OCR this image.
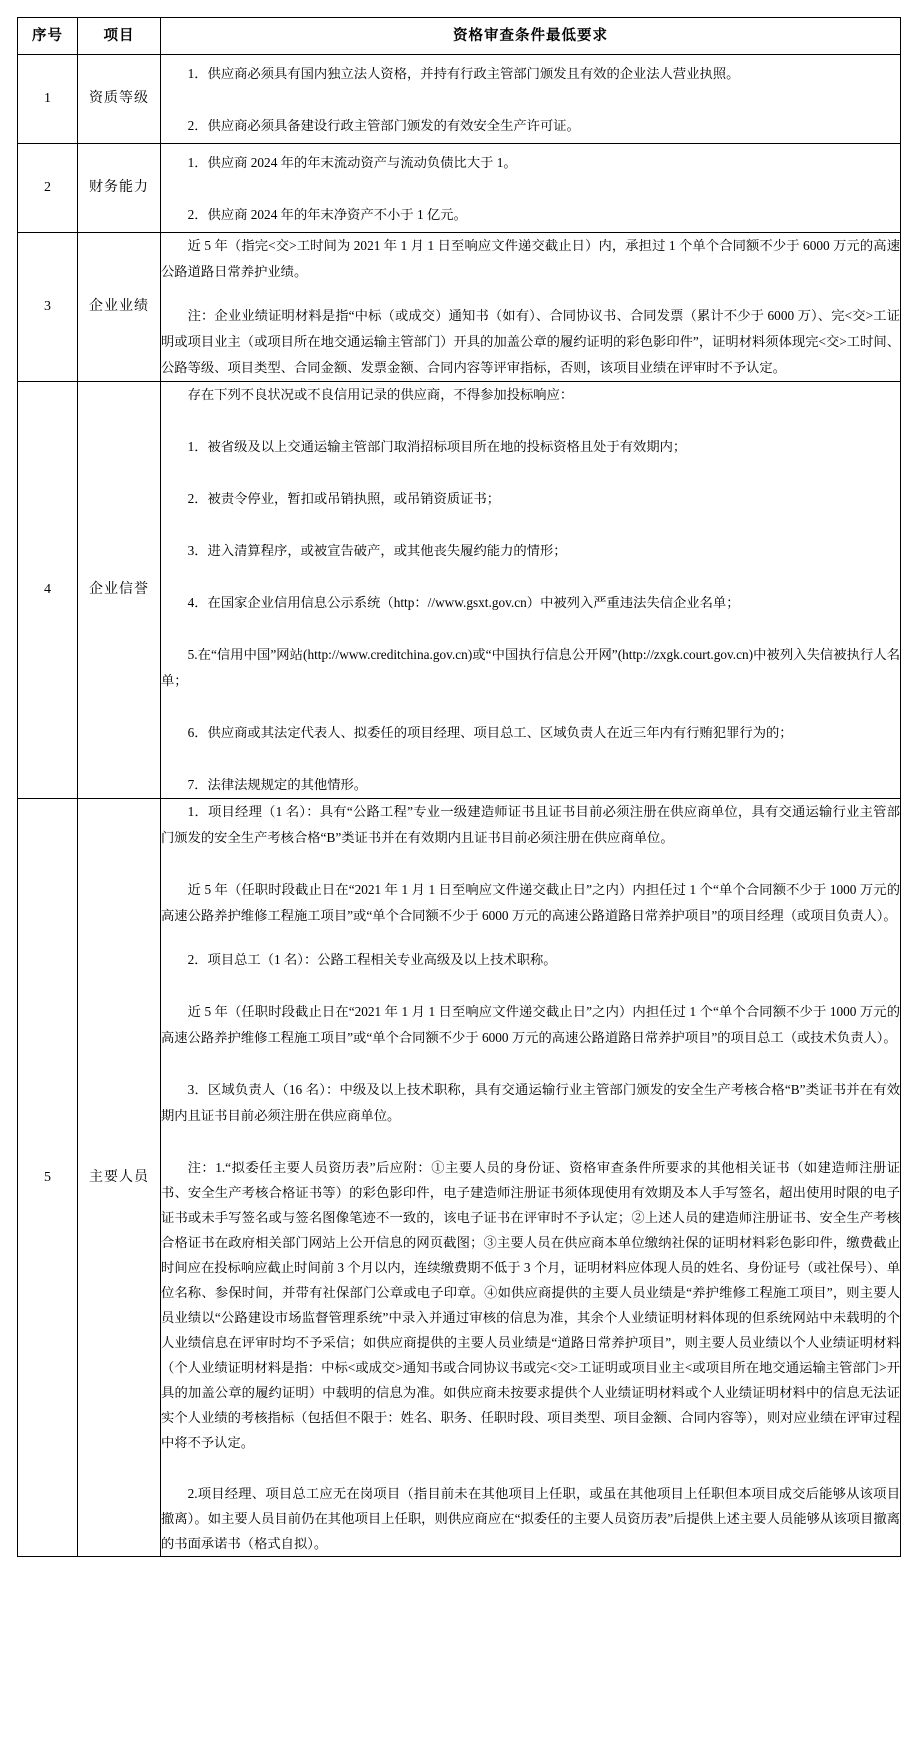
序号	项目	资格审查条件最低要求
1	资质等级	1．供应商必须具有国内独立法人资格，并持有行政主管部门颁发且有效的企业法人营业执照。

2．供应商必须具备建设行政主管部门颁发的有效安全生产许可证。

2	财务能力	1．供应商 2024 年的年末流动资产与流动负债比大于 1。

2．供应商 2024 年的年末净资产不小于 1 亿元。

3	企业业绩	近 5 年（指完<交>工时间为 2021 年 1 月 1 日至响应文件递交截止日）内，承担过 1 个单个合同额不少于 6000 万元的高速公路道路日常养护业绩。

注：企业业绩证明材料是指“中标（或成交）通知书（如有）、合同协议书、合同发票（累计不少于 6000 万）、完<交>工证明或项目业主（或项目所在地交通运输主管部门）开具的加盖公章的履约证明的彩色影印件”，证明材料须体现完<交>工时间、公路等级、项目类型、合同金额、发票金额、合同内容等评审指标，否则，该项目业绩在评审时不予认定。

4	企业信誉	

存在下列不良状况或不良信用记录的供应商，不得参加投标响应：

1．被省级及以上交通运输主管部门取消招标项目所在地的投标资格且处于有效期内；

2．被责令停业，暂扣或吊销执照，或吊销资质证书；

3．进入清算程序，或被宣告破产，或其他丧失履约能力的情形；

4．在国家企业信用信息公示系统（http：//www.gsxt.gov.cn）中被列入严重违法失信企业名单；

5.在“信用中国”网站(http://www.creditchina.gov.cn)或“中国执行信息公开网”(http://zxgk.court.gov.cn)中被列入失信被执行人名单；

6．供应商或其法定代表人、拟委任的项目经理、项目总工、区域负责人在近三年内有行贿犯罪行为的；

7．法律法规规定的其他情形。

5	主要人员	

1．项目经理（1 名）：具有“公路工程”专业一级建造师证书且证书目前必须注册在供应商单位，具有交通运输行业主管部门颁发的安全生产考核合格“B”类证书并在有效期内且证书目前必须注册在供应商单位。

近 5 年（任职时段截止日在“2021 年 1 月 1 日至响应文件递交截止日”之内）内担任过 1 个“单个合同额不少于 1000 万元的高速公路养护维修工程施工项目”或“单个合同额不少于 6000 万元的高速公路道路日常养护项目”的项目经理（或项目负责人）。

2．项目总工（1 名）：公路工程相关专业高级及以上技术职称。

近 5 年（任职时段截止日在“2021 年 1 月 1 日至响应文件递交截止日”之内）内担任过 1 个“单个合同额不少于 1000 万元的高速公路养护维修工程施工项目”或“单个合同额不少于 6000 万元的高速公路道路日常养护项目”的项目总工（或技术负责人）。

3．区域负责人（16 名）：中级及以上技术职称，具有交通运输行业主管部门颁发的安全生产考核合格“B”类证书并在有效期内且证书目前必须注册在供应商单位。

注：1.“拟委任主要人员资历表”后应附：①主要人员的身份证、资格审查条件所要求的其他相关证书（如建造师注册证书、安全生产考核合格证书等）的彩色影印件，电子建造师注册证书须体现使用有效期及本人手写签名，超出使用时限的电子证书或未手写签名或与签名图像笔迹不一致的，该电子证书在评审时不予认定；②上述人员的建造师注册证书、安全生产考核合格证书在政府相关部门网站上公开信息的网页截图；③主要人员在供应商本单位缴纳社保的证明材料彩色影印件，缴费截止时间应在投标响应截止时间前 3 个月以内，连续缴费期不低于 3 个月，证明材料应体现人员的姓名、身份证号（或社保号）、单位名称、参保时间，并带有社保部门公章或电子印章。④如供应商提供的主要人员业绩是“养护维修工程施工项目”，则主要人员业绩以“公路建设市场监督管理系统”中录入并通过审核的信息为准，其余个人业绩证明材料体现的但系统网站中未载明的个人业绩信息在评审时均不予采信；如供应商提供的主要人员业绩是“道路日常养护项目”，则主要人员业绩以个人业绩证明材料（个人业绩证明材料是指：中标<或成交>通知书或合同协议书或完<交>工证明或项目业主<或项目所在地交通运输主管部门>开具的加盖公章的履约证明）中载明的信息为准。如供应商未按要求提供个人业绩证明材料或个人业绩证明材料中的信息无法证实个人业绩的考核指标（包括但不限于：姓名、职务、任职时段、项目类型、项目金额、合同内容等），则对应业绩在评审过程中将不予认定。

2.项目经理、项目总工应无在岗项目（指目前未在其他项目上任职，或虽在其他项目上任职但本项目成交后能够从该项目撤离）。如主要人员目前仍在其他项目上任职，则供应商应在“拟委任的主要人员资历表”后提供上述主要人员能够从该项目撤离的书面承诺书（格式自拟）。
